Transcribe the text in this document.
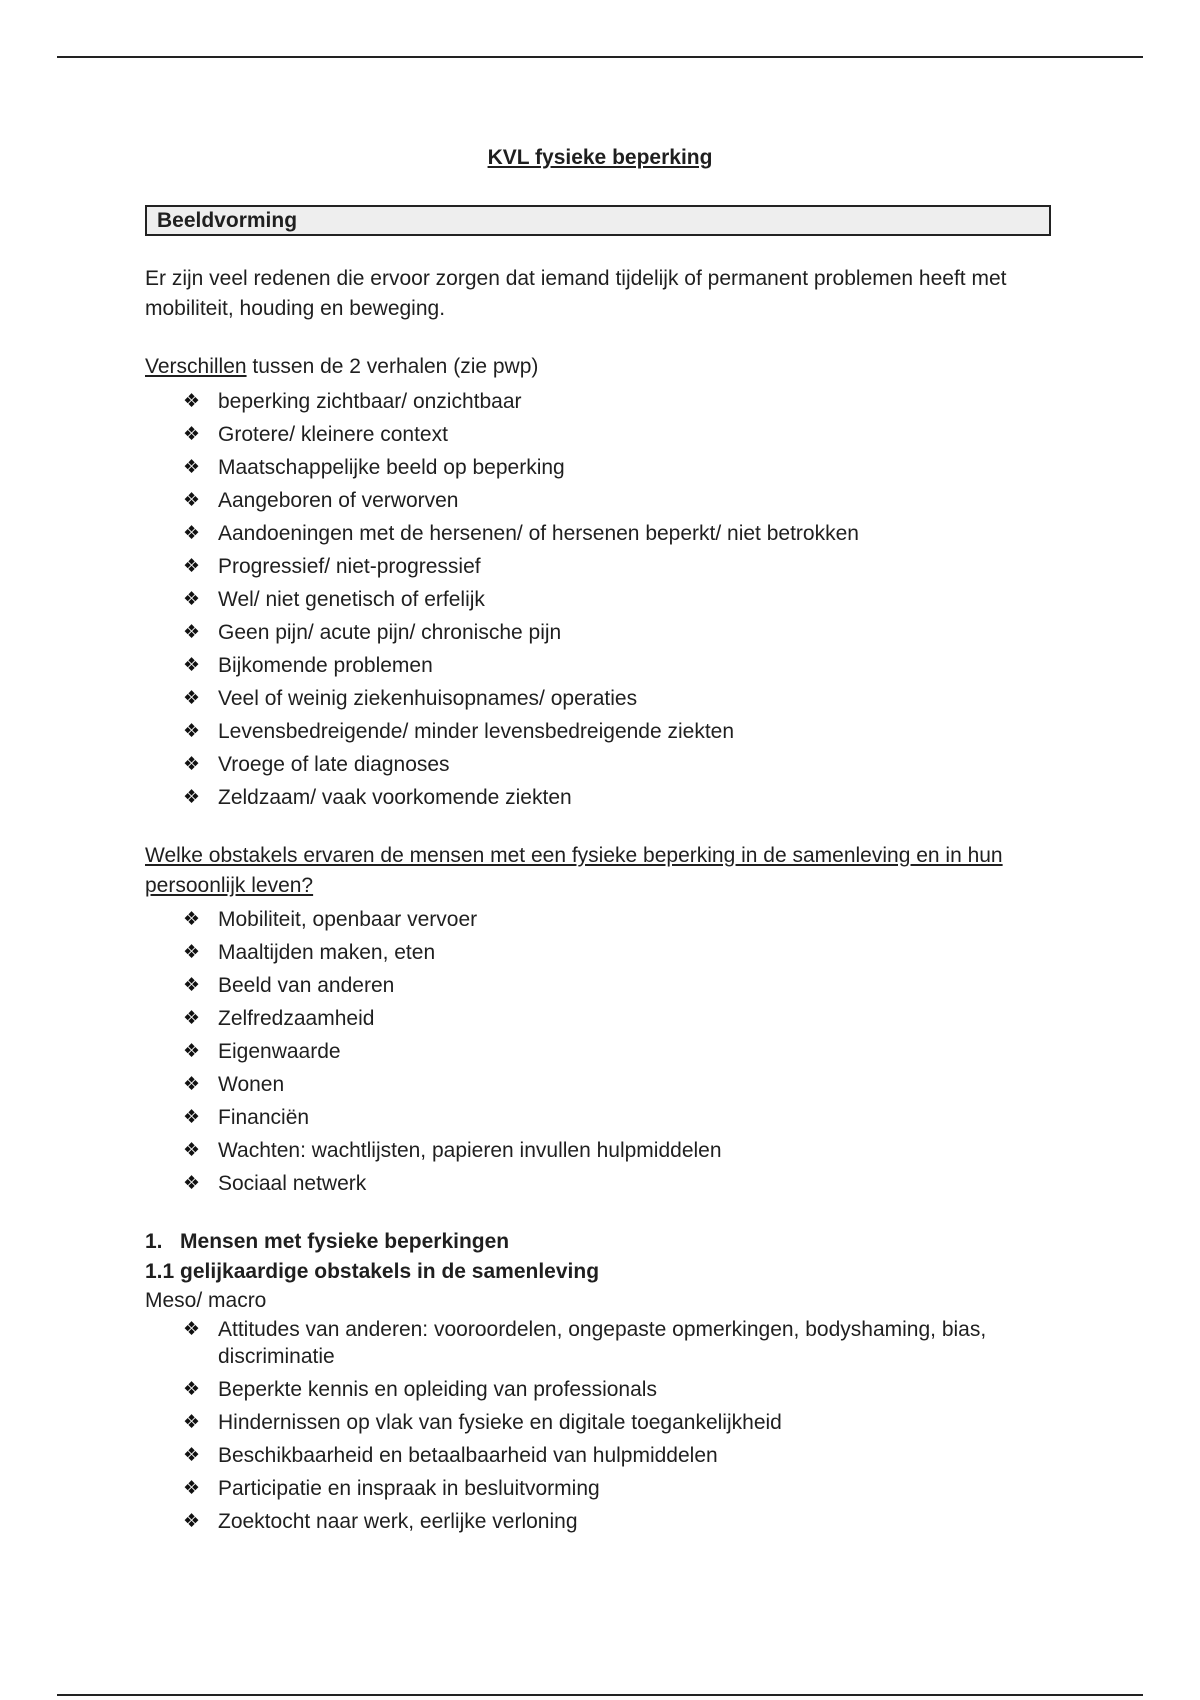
KVL fysieke beperking
Beeldvorming
Er zijn veel redenen die ervoor zorgen dat iemand tijdelijk of permanent problemen heeft met mobiliteit, houding en beweging.
Verschillen tussen de 2 verhalen (zie pwp)
❖ beperking zichtbaar/ onzichtbaar
❖ Grotere/ kleinere context
❖ Maatschappelijke beeld op beperking
❖ Aangeboren of verworven
❖ Aandoeningen met de hersenen/ of hersenen beperkt/ niet betrokken
❖ Progressief/ niet-progressief
❖ Wel/ niet genetisch of erfelijk
❖ Geen pijn/ acute pijn/ chronische pijn
❖ Bijkomende problemen
❖ Veel of weinig ziekenhuisopnames/ operaties
❖ Levensbedreigende/ minder levensbedreigende ziekten
❖ Vroege of late diagnoses
❖ Zeldzaam/ vaak voorkomende ziekten
Welke obstakels ervaren de mensen met een fysieke beperking in de samenleving en in hun persoonlijk leven?
❖ Mobiliteit, openbaar vervoer
❖ Maaltijden maken, eten
❖ Beeld van anderen
❖ Zelfredzaamheid
❖ Eigenwaarde
❖ Wonen
❖ Financiën
❖ Wachten: wachtlijsten, papieren invullen hulpmiddelen
❖ Sociaal netwerk
1.   Mensen met fysieke beperkingen
1.1 gelijkaardige obstakels in de samenleving
Meso/ macro
❖ Attitudes van anderen: vooroordelen, ongepaste opmerkingen, bodyshaming, bias, discriminatie
❖ Beperkte kennis en opleiding van professionals
❖ Hindernissen op vlak van fysieke en digitale toegankelijkheid
❖ Beschikbaarheid en betaalbaarheid van hulpmiddelen
❖ Participatie en inspraak in besluitvorming
❖ Zoektocht naar werk, eerlijke verloning
